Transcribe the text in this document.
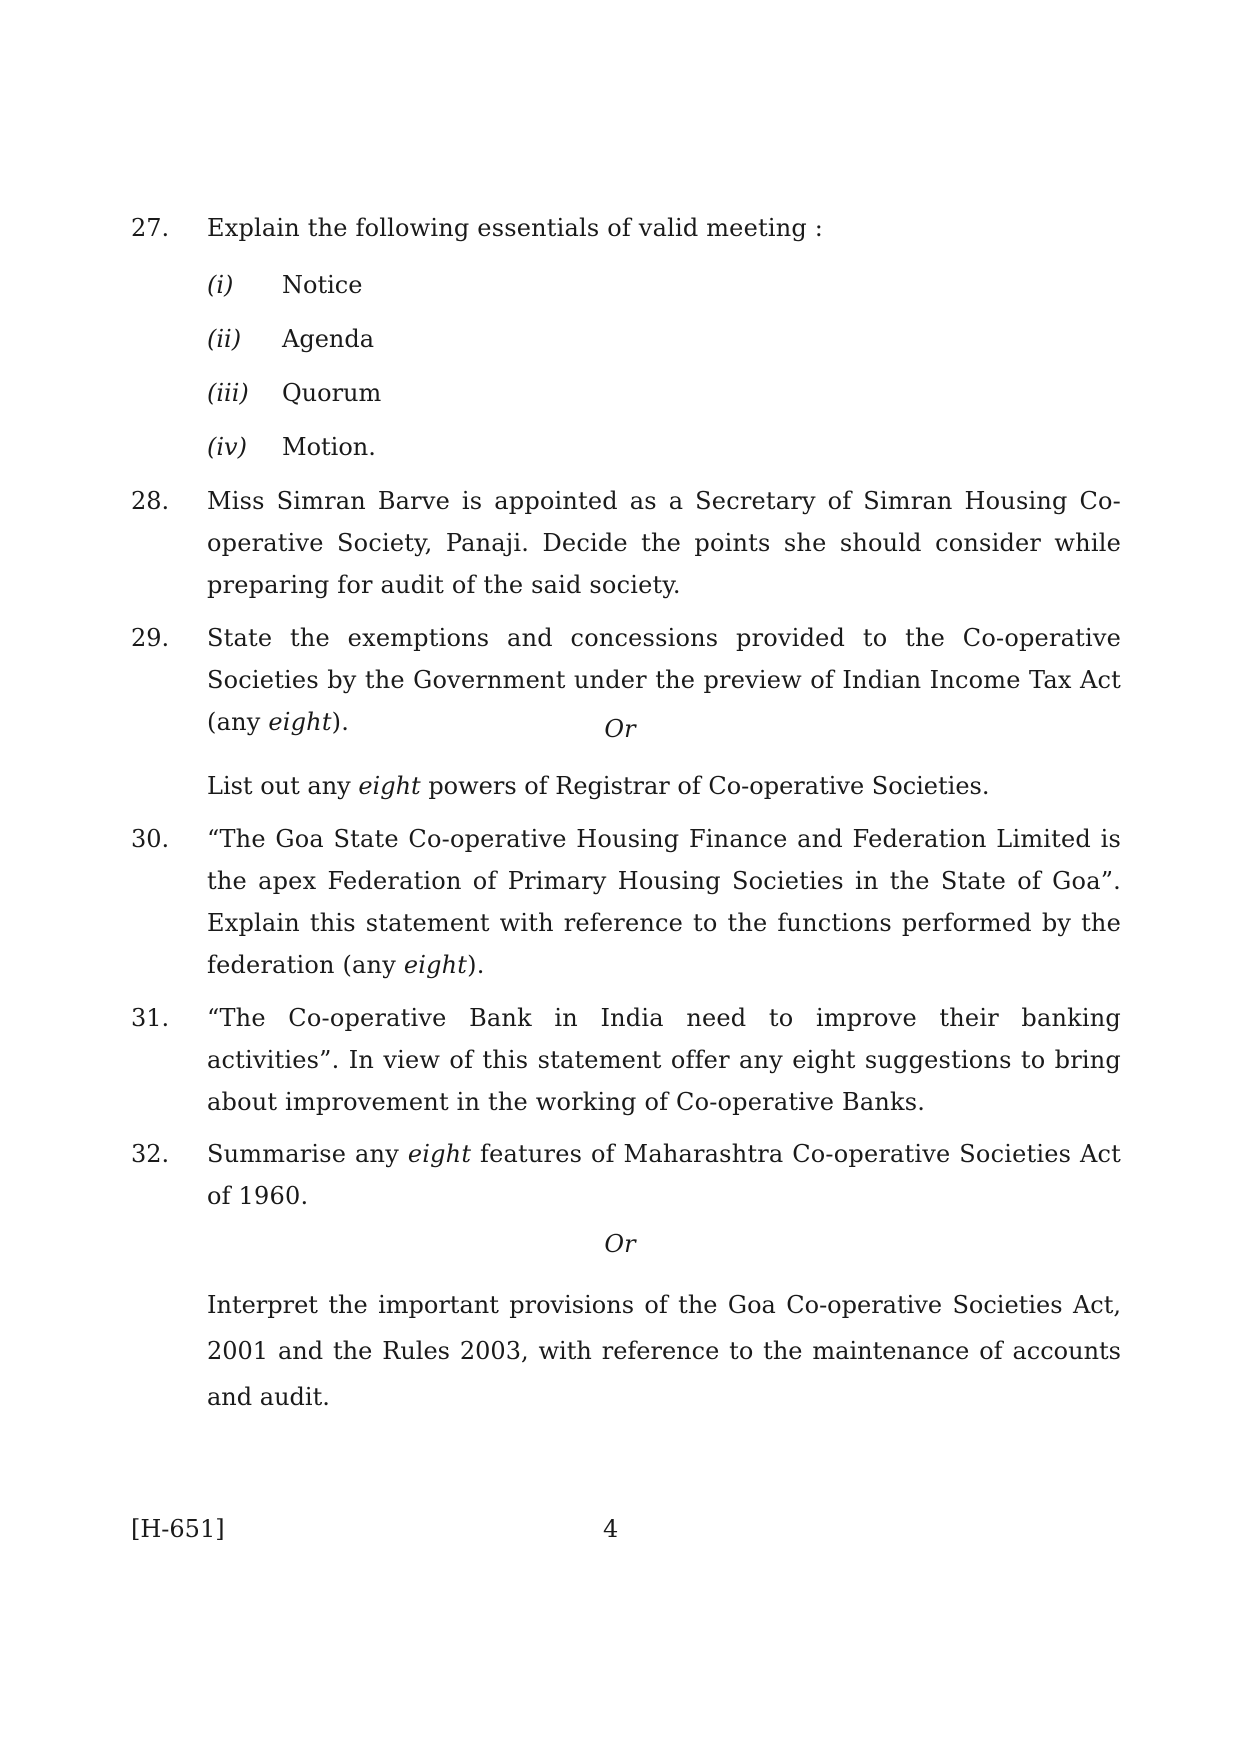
27.	Explain the following essentials of valid meeting :
(i)	Notice
(ii)	Agenda
(iii)	Quorum
(iv)	Motion.
28.	Miss Simran Barve is appointed as a Secretary of Simran Housing Co-operative Society, Panaji. Decide the points she should consider while preparing for audit of the said society.
29.	State the exemptions and concessions provided to the Co-operative Societies by the Government under the preview of Indian Income Tax Act (any eight).	Or
List out any eight powers of Registrar of Co-operative Societies.
30.	“The Goa State Co-operative Housing Finance and Federation Limited is the apex Federation of Primary Housing Societies in the State of Goa”. Explain this statement with reference to the functions performed by the federation (any eight).
31.	“The Co-operative Bank in India need to improve their banking activities”. In view of this statement offer any eight suggestions to bring about improvement in the working of Co-operative Banks.
32.	Summarise any eight features of Maharashtra Co-operative Societies Act of 1960.
Or
Interpret the important provisions of the Goa Co-operative Societies Act, 2001 and the Rules 2003, with reference to the maintenance of accounts and audit.
[H-651]	4
